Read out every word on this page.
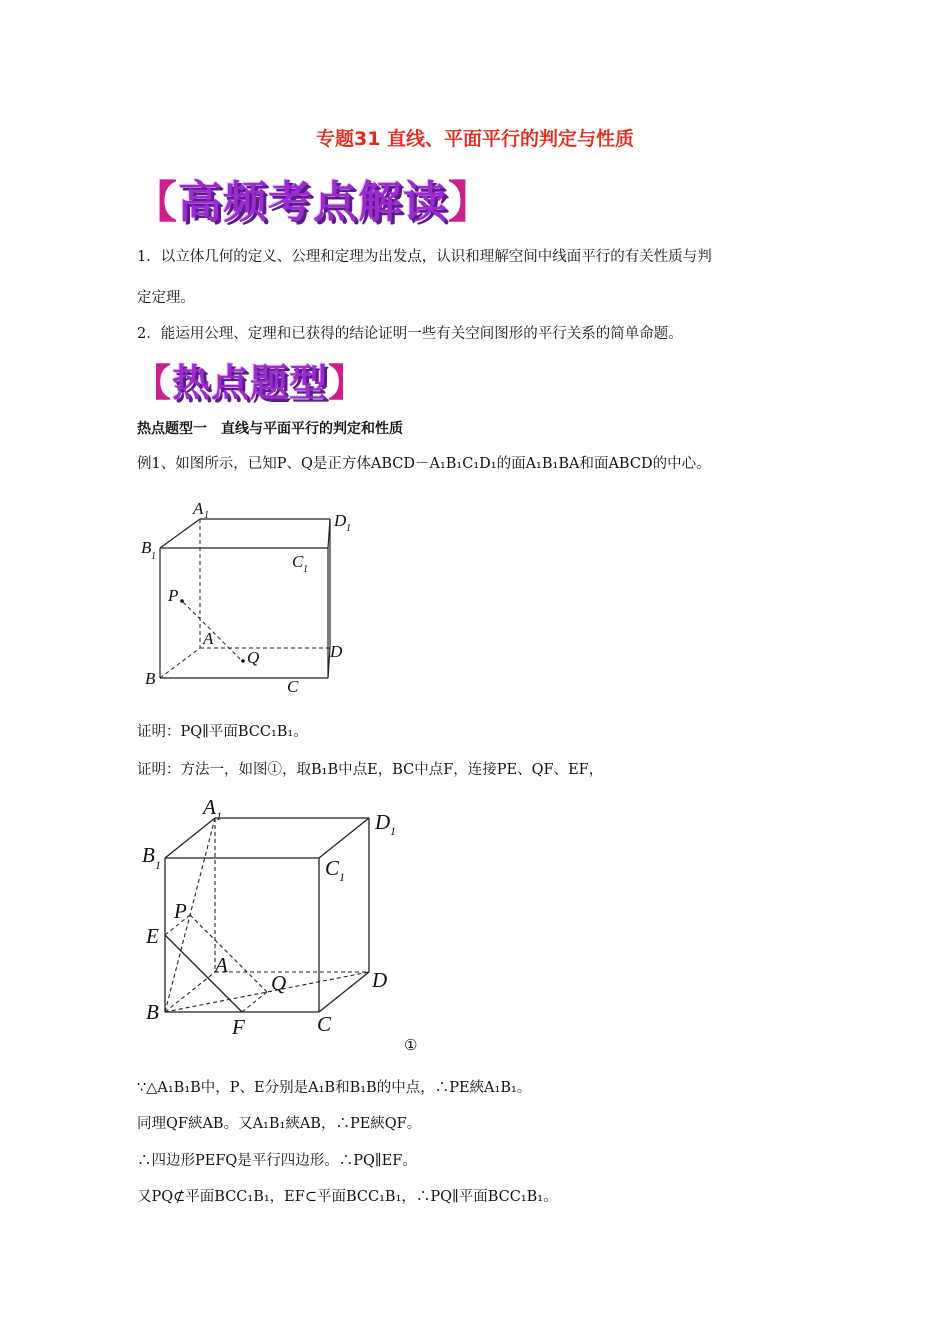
专题31 直线、平面平行的判定与性质
【高频考点解读】
1．以立体几何的定义、公理和定理为出发点，认识和理解空间中线面平行的有关性质与判
定定理。
2．能运用公理、定理和已获得的结论证明一些有关空间图形的平行关系的简单命题。
【热点题型】
热点题型一　直线与平面平行的判定和性质
例1、如图所示，已知P、Q是正方体ABCD－A₁B₁C₁D₁的面A₁B₁BA和面ABCD的中心。
A 1
B 1	C 1
D 1
P
A
Q
B	C
D
证明：PQ∥平面BCC₁B₁。
证明：方法一，如图①，取B₁B中点E，BC中点F，连接PE、QF、EF，
A 1
B 1	C 1
D 1
P
E
A
Q
B	C
D
F
①
∵△A₁B₁B中，P、E分别是A₁B和B₁B的中点，∴PE綊A₁B₁。
同理QF綊AB。又A₁B₁綊AB，∴PE綊QF。
∴四边形PEFQ是平行四边形。∴PQ∥EF。
又PQ⊄平面BCC₁B₁，EF⊂平面BCC₁B₁，∴PQ∥平面BCC₁B₁。
